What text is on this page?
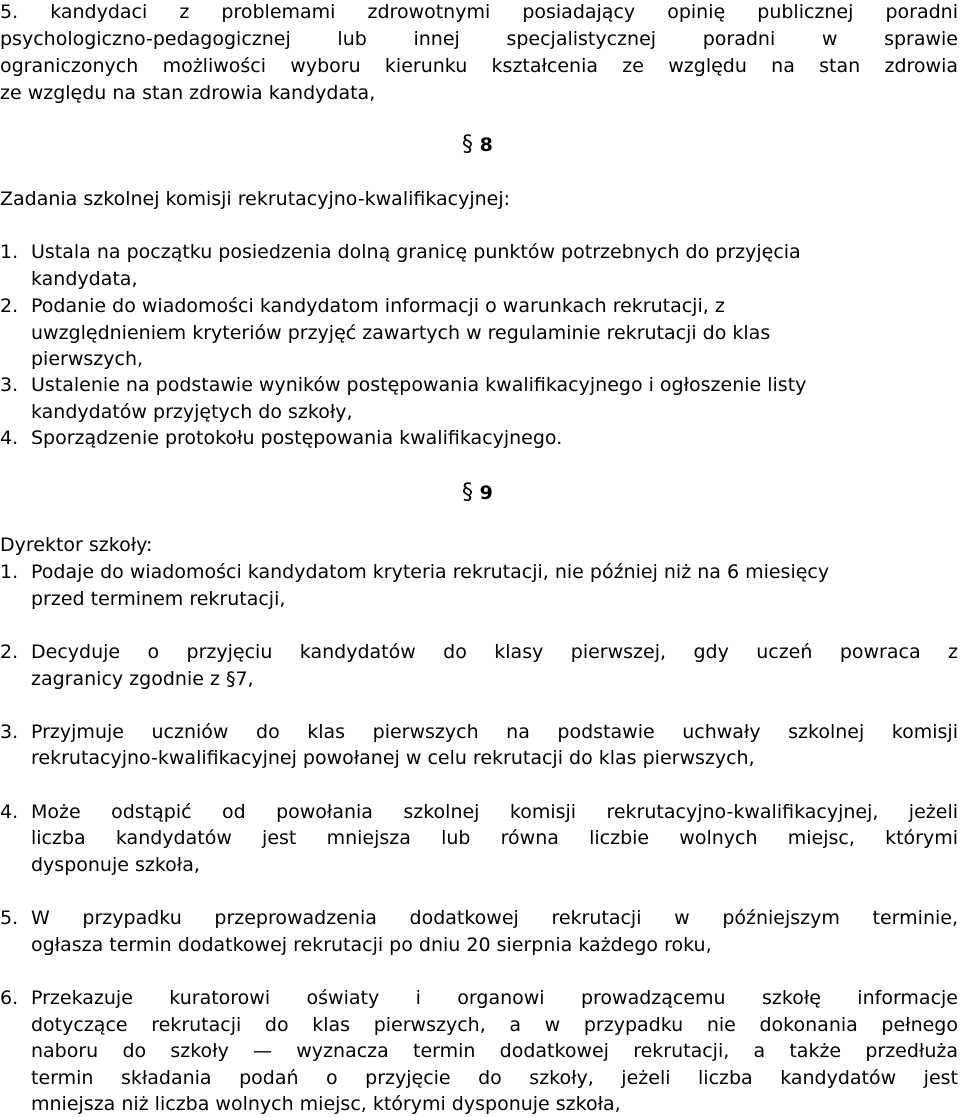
5. kandydaci z problemami zdrowotnymi posiadający opinię publicznej poradni
psychologiczno-pedagogicznej lub innej specjalistycznej poradni w sprawie
ograniczonych możliwości wyboru kierunku kształcenia ze względu na stan zdrowia
ze względu na stan zdrowia kandydata,
§ 8
Zadania szkolnej komisji rekrutacyjno-kwalifikacyjnej:
1. Ustala na początku posiedzenia dolną granicę punktów potrzebnych do przyjęcia
kandydata,
2. Podanie do wiadomości kandydatom informacji o warunkach rekrutacji, z
uwzględnieniem kryteriów przyjęć zawartych w regulaminie rekrutacji do klas
pierwszych,
3. Ustalenie na podstawie wyników postępowania kwalifikacyjnego i ogłoszenie listy
kandydatów przyjętych do szkoły,
4. Sporządzenie protokołu postępowania kwalifikacyjnego.
§ 9
Dyrektor szkoły:
1. Podaje do wiadomości kandydatom kryteria rekrutacji, nie później niż na 6 miesięcy
przed terminem rekrutacji,
2. Decyduje o przyjęciu kandydatów do klasy pierwszej, gdy uczeń powraca z
zagranicy zgodnie z §7,
3. Przyjmuje uczniów do klas pierwszych na podstawie uchwały szkolnej komisji
rekrutacyjno-kwalifikacyjnej powołanej w celu rekrutacji do klas pierwszych,
4. Może odstąpić od powołania szkolnej komisji rekrutacyjno-kwalifikacyjnej, jeżeli
liczba kandydatów jest mniejsza lub równa liczbie wolnych miejsc, którymi
dysponuje szkoła,
5. W przypadku przeprowadzenia dodatkowej rekrutacji w późniejszym terminie,
ogłasza termin dodatkowej rekrutacji po dniu 20 sierpnia każdego roku,
6. Przekazuje kuratorowi oświaty i organowi prowadzącemu szkołę informacje
dotyczące rekrutacji do klas pierwszych, a w przypadku nie dokonania pełnego
naboru do szkoły — wyznacza termin dodatkowej rekrutacji, a także przedłuża
termin składania podań o przyjęcie do szkoły, jeżeli liczba kandydatów jest
mniejsza niż liczba wolnych miejsc, którymi dysponuje szkoła,
